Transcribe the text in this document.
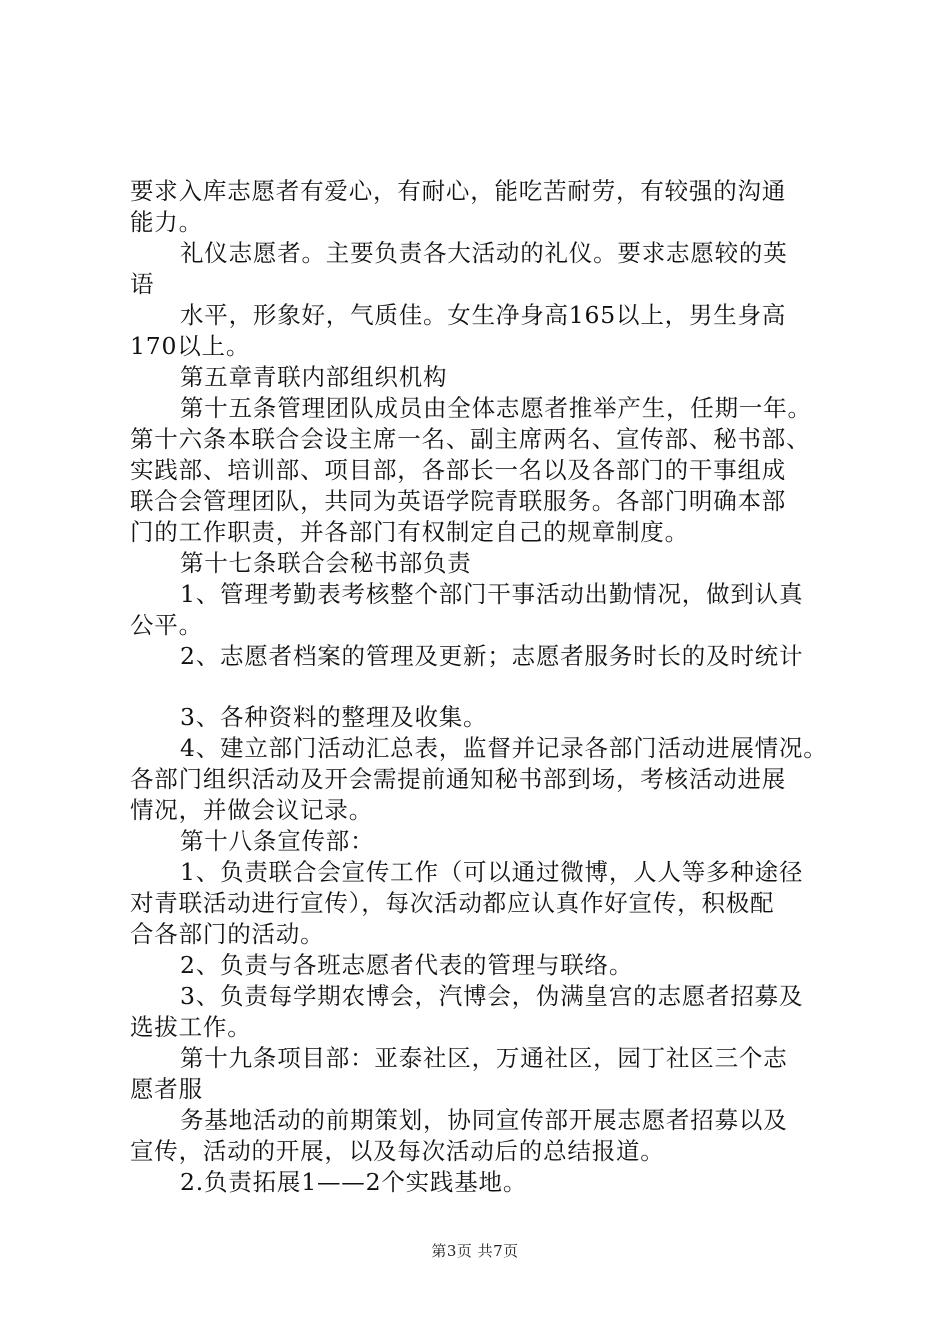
要求入库志愿者有爱心，有耐心，能吃苦耐劳，有较强的沟通
能力。
礼仪志愿者。主要负责各大活动的礼仪。要求志愿较的英
语
水平，形象好，气质佳。女生净身高165以上，男生身高
170以上。
第五章青联内部组织机构
第十五条管理团队成员由全体志愿者推举产生，任期一年。
第十六条本联合会设主席一名、副主席两名、宣传部、秘书部、
实践部、培训部、项目部，各部长一名以及各部门的干事组成
联合会管理团队，共同为英语学院青联服务。各部门明确本部
门的工作职责，并各部门有权制定自己的规章制度。
第十七条联合会秘书部负责
1、管理考勤表考核整个部门干事活动出勤情况，做到认真
公平。
2、志愿者档案的管理及更新；志愿者服务时长的及时统计
3、各种资料的整理及收集。
4、建立部门活动汇总表，监督并记录各部门活动进展情况。
各部门组织活动及开会需提前通知秘书部到场，考核活动进展
情况，并做会议记录。
第十八条宣传部：
1、负责联合会宣传工作（可以通过微博，人人等多种途径
对青联活动进行宣传），每次活动都应认真作好宣传，积极配
合各部门的活动。
2、负责与各班志愿者代表的管理与联络。
3、负责每学期农博会，汽博会，伪满皇宫的志愿者招募及
选拔工作。
第十九条项目部：亚泰社区，万通社区，园丁社区三个志
愿者服
务基地活动的前期策划，协同宣传部开展志愿者招募以及
宣传，活动的开展，以及每次活动后的总结报道。
2.负责拓展1——2个实践基地。
第3页 共7页
